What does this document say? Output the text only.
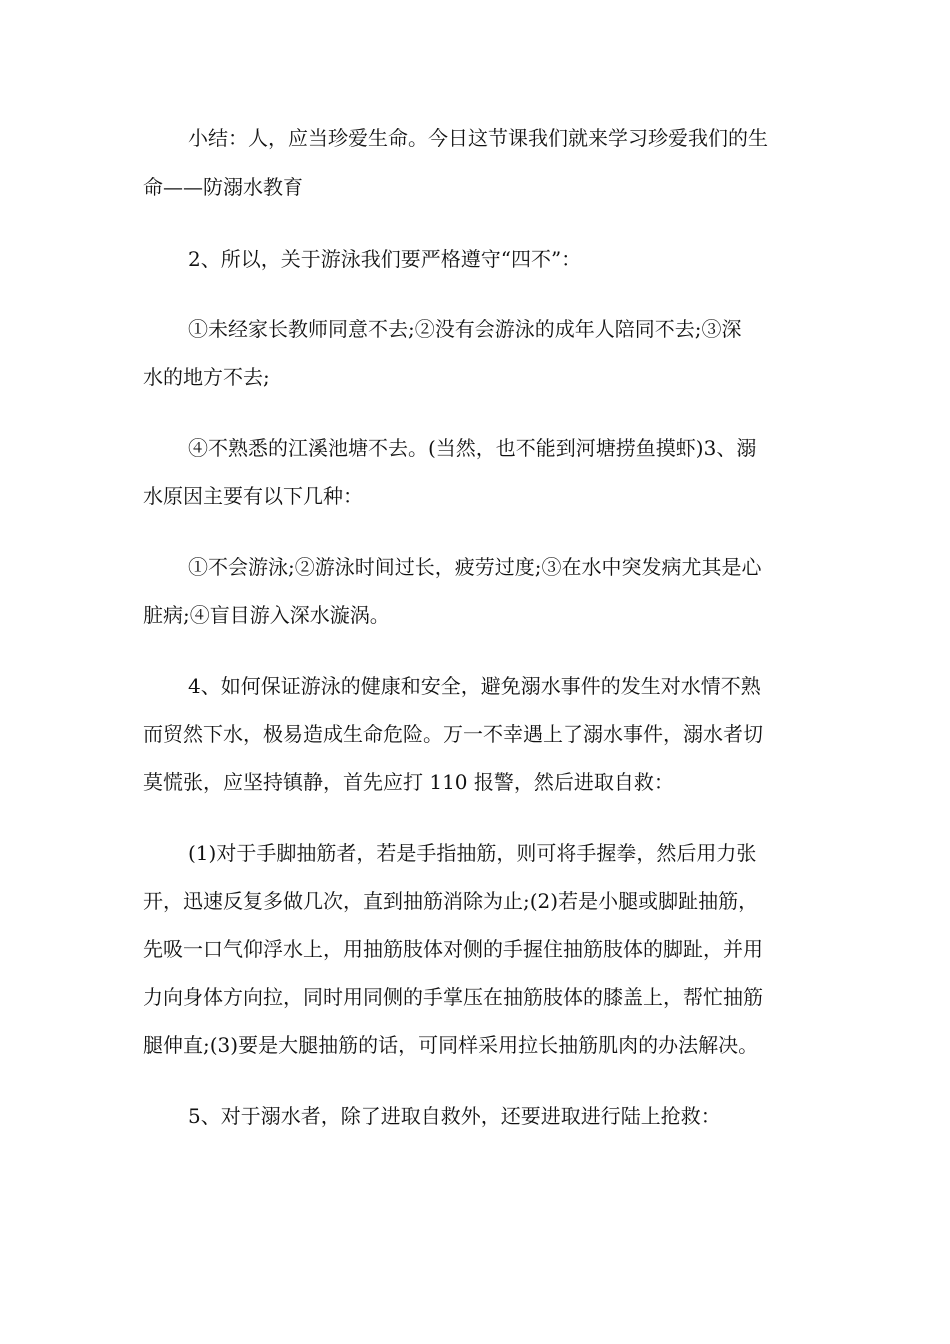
小结：人，应当珍爱生命。今日这节课我们就来学习珍爱我们的生

命——防溺水教育

2、所以，关于游泳我们要严格遵守“四不”：

①未经家长教师同意不去;②没有会游泳的成年人陪同不去;③深

水的地方不去;

④不熟悉的江溪池塘不去。(当然，也不能到河塘捞鱼摸虾)3、溺

水原因主要有以下几种：

①不会游泳;②游泳时间过长，疲劳过度;③在水中突发病尤其是心

脏病;④盲目游入深水漩涡。

4、如何保证游泳的健康和安全，避免溺水事件的发生对水情不熟

而贸然下水，极易造成生命危险。万一不幸遇上了溺水事件，溺水者切

莫慌张，应坚持镇静，首先应打 110 报警，然后进取自救：

(1)对于手脚抽筋者，若是手指抽筋，则可将手握拳，然后用力张

开，迅速反复多做几次，直到抽筋消除为止;(2)若是小腿或脚趾抽筋，

先吸一口气仰浮水上，用抽筋肢体对侧的手握住抽筋肢体的脚趾，并用

力向身体方向拉，同时用同侧的手掌压在抽筋肢体的膝盖上，帮忙抽筋

腿伸直;(3)要是大腿抽筋的话，可同样采用拉长抽筋肌肉的办法解决。

5、对于溺水者，除了进取自救外，还要进取进行陆上抢救：
